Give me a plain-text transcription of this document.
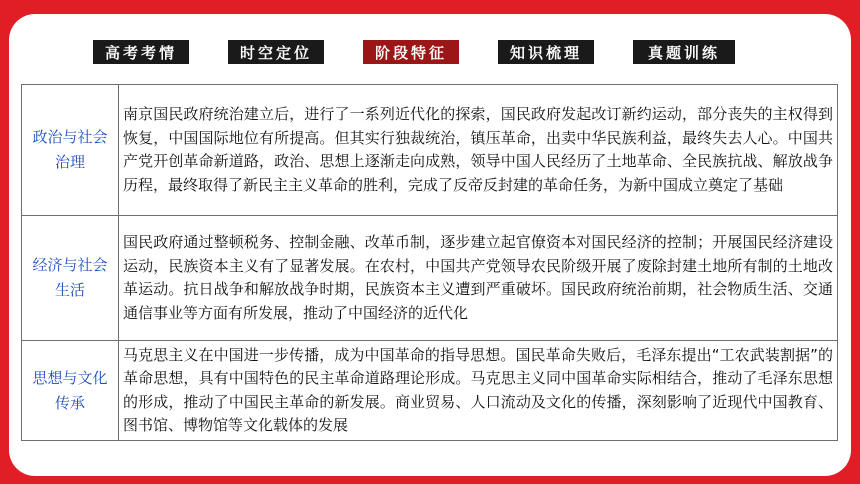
高考考情	时空定位	阶段特征	知识梳理	真题训练
政治与社会治理	南京国民政府统治建立后，进行了一系列近代化的探索，国民政府发起改订新约运动，部分丧失的主权得到恢复，中国国际地位有所提高。但其实行独裁统治，镇压革命，出卖中华民族利益，最终失去人心。中国共产党开创革命新道路，政治、思想上逐渐走向成熟，领导中国人民经历了土地革命、全民族抗战、解放战争历程，最终取得了新民主主义革命的胜利，完成了反帝反封建的革命任务，为新中国成立奠定了基础
经济与社会生活	国民政府通过整顿税务、控制金融、改革币制，逐步建立起官僚资本对国民经济的控制；开展国民经济建设运动，民族资本主义有了显著发展。在农村，中国共产党领导农民阶级开展了废除封建土地所有制的土地改革运动。抗日战争和解放战争时期，民族资本主义遭到严重破坏。国民政府统治前期，社会物质生活、交通通信事业等方面有所发展，推动了中国经济的近代化
思想与文化传承	马克思主义在中国进一步传播，成为中国革命的指导思想。国民革命失败后，毛泽东提出“工农武装割据”的革命思想，具有中国特色的民主革命道路理论形成。马克思主义同中国革命实际相结合，推动了毛泽东思想的形成，推动了中国民主革命的新发展。商业贸易、人口流动及文化的传播，深刻影响了近现代中国教育、图书馆、博物馆等文化载体的发展
